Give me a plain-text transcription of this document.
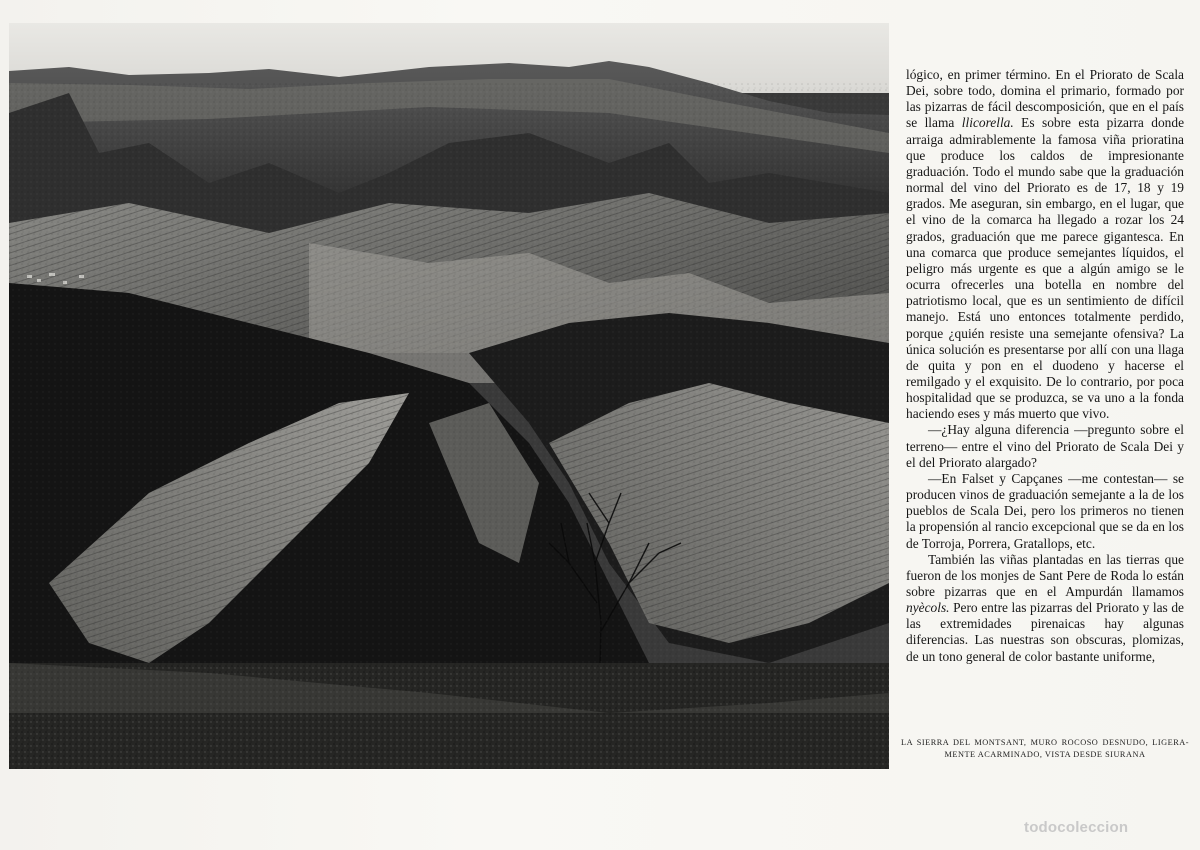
lógico, en primer término. En el Priorato de Scala Dei, sobre todo, domina el primario, formado por las pizarras de fácil descomposición, que en el país se llama llicorella. Es sobre esta pizarra donde arraiga admirablemente la famosa viña prioratina que produce los caldos de impresionante graduación. Todo el mundo sabe que la graduación normal del vino del Priorato es de 17, 18 y 19 grados. Me aseguran, sin embargo, en el lugar, que el vino de la comarca ha llegado a rozar los 24 grados, graduación que me parece gigantesca. En una comarca que produce semejantes líquidos, el peligro más urgente es que a algún amigo se le ocurra ofrecerles una botella en nombre del patriotismo local, que es un sentimiento de difícil manejo. Está uno entonces totalmente perdido, porque ¿quién resiste una semejante ofensiva? La única solución es presentarse por allí con una llaga de quita y pon en el duodeno y hacerse el remilgado y el exquisito. De lo contrario, por poca hospitalidad que se produzca, se va uno a la fonda haciendo eses y más muerto que vivo.

—¿Hay alguna diferencia —pregunto sobre el terreno— entre el vino del Priorato de Scala Dei y el del Priorato alargado?

—En Falset y Capçanes —me contestan— se producen vinos de graduación semejante a la de los pueblos de Scala Dei, pero los primeros no tienen la propensión al rancio excepcional que se da en los de Torroja, Porrera, Gratallops, etc.

También las viñas plantadas en las tierras que fueron de los monjes de Sant Pere de Roda lo están sobre pizarras que en el Ampurdán llamamos nyècols. Pero entre las pizarras del Priorato y las de las extremidades pirenaicas hay algunas diferencias. Las nuestras son obscuras, plomizas, de un tono general de color bastante uniforme,

LA SIERRA DEL MONTSANT, MURO ROCOSO DESNUDO, LIGERA-
MENTE ACARMINADO, VISTA DESDE SIURANA
todocoleccion
